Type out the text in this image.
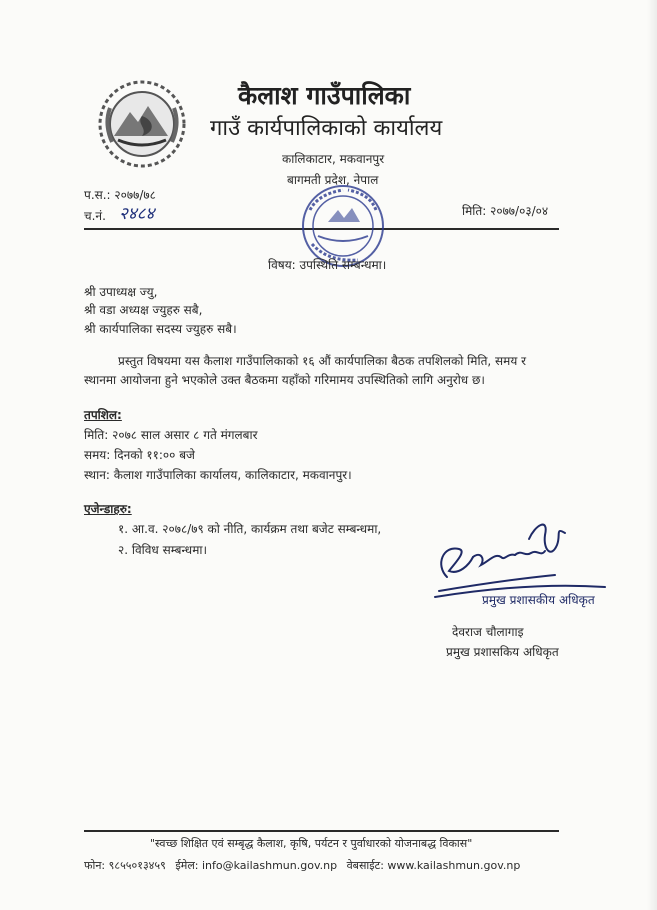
कैलाश गाउँपालिका
गाउँ कार्यपालिकाको कार्यालय
कालिकाटार, मकवानपुर
बागमती प्रदेश, नेपाल
प.स.: २०७७/७८
च.नं. २४८४	मिति: २०७७/०३/०४
विषय: उपस्थिति सम्बन्धमा।
श्री उपाध्यक्ष ज्यु,
श्री वडा अध्यक्ष ज्युहरु सबै,
श्री कार्यपालिका सदस्य ज्युहरु सबै।
प्रस्तुत विषयमा यस कैलाश गाउँपालिकाको १६ औं कार्यपालिका बैठक तपशिलको मिति, समय र
स्थानमा आयोजना हुने भएकोले उक्त बैठकमा यहाँको गरिमामय उपस्थितिको लागि अनुरोध छ।
तपशिल:
मिति: २०७८ साल असार ८ गते मंगलबार
समय: दिनको ११:०० बजे
स्थान: कैलाश गाउँपालिका कार्यालय, कालिकाटार, मकवानपुर।
एजेन्डाहरु:
१. आ.व. २०७८/७९ को नीति, कार्यक्रम तथा बजेट सम्बन्धमा,
२. विविध सम्बन्धमा।
प्रमुख प्रशासकीय अधिकृत
देवराज चौलागाइ
प्रमुख प्रशासकिय अधिकृत
"स्वच्छ शिक्षित एवं सम्बृद्ध कैलाश, कृषि, पर्यटन र पुर्वाधारको योजनाबद्ध विकास"
फोन: ९८५५०१३४५९ ईमेल: info@kailashmun.gov.np वेबसाईट: www.kailashmun.gov.np
